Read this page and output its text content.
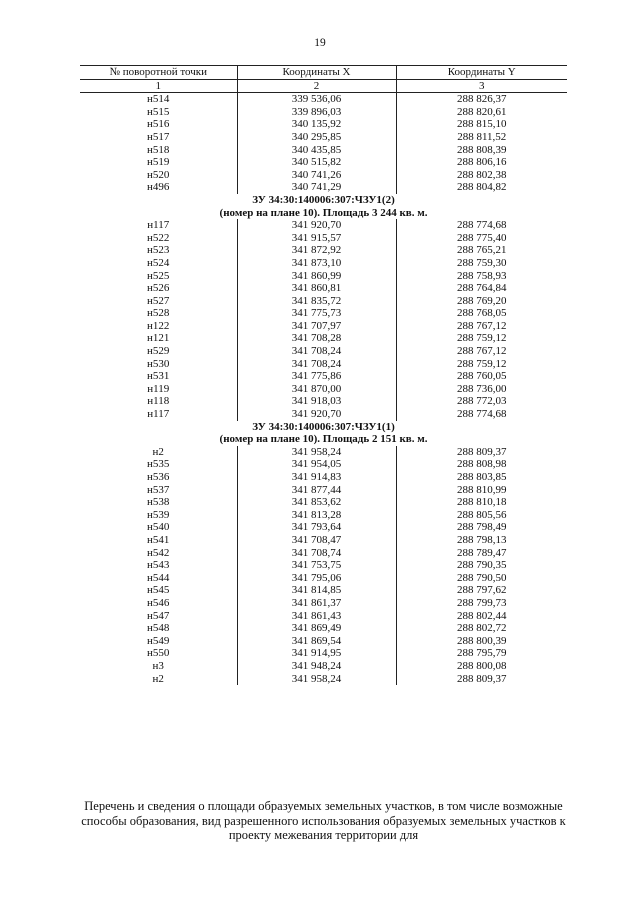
19
№ поворотной точки	Координаты X	Координаты Y
1	2	3
н514	339 536,06	288 826,37
н515	339 896,03	288 820,61
н516	340 135,92	288 815,10
н517	340 295,85	288 811,52
н518	340 435,85	288 808,39
н519	340 515,82	288 806,16
н520	340 741,26	288 802,38
н496	340 741,29	288 804,82
ЗУ 34:30:140006:307:ЧЗУ1(2)		
(номер на плане 10). Площадь 3 244 кв. м.		
н117	341 920,70	288 774,68
н522	341 915,57	288 775,40
н523	341 872,92	288 765,21
н524	341 873,10	288 759,30
н525	341 860,99	288 758,93
н526	341 860,81	288 764,84
н527	341 835,72	288 769,20
н528	341 775,73	288 768,05
н122	341 707,97	288 767,12
н121	341 708,28	288 759,12
н529	341 708,24	288 767,12
н530	341 708,24	288 759,12
н531	341 775,86	288 760,05
н119	341 870,00	288 736,00
н118	341 918,03	288 772,03
н117	341 920,70	288 774,68
ЗУ 34:30:140006:307:ЧЗУ1(1)		
(номер на плане 10). Площадь 2 151 кв. м.		
н2	341 958,24	288 809,37
н535	341 954,05	288 808,98
н536	341 914,83	288 803,85
н537	341 877,44	288 810,99
н538	341 853,62	288 810,18
н539	341 813,28	288 805,56
н540	341 793,64	288 798,49
н541	341 708,47	288 798,13
н542	341 708,74	288 789,47
н543	341 753,75	288 790,35
н544	341 795,06	288 790,50
н545	341 814,85	288 797,62
н546	341 861,37	288 799,73
н547	341 861,43	288 802,44
н548	341 869,49	288 802,72
н549	341 869,54	288 800,39
н550	341 914,95	288 795,79
н3	341 948,24	288 800,08
н2	341 958,24	288 809,37
Перечень и сведения о площади образуемых земельных участков, в том числе возможные способы образования, вид разрешенного использования образуемых земельных участков к проекту межевания территории для
